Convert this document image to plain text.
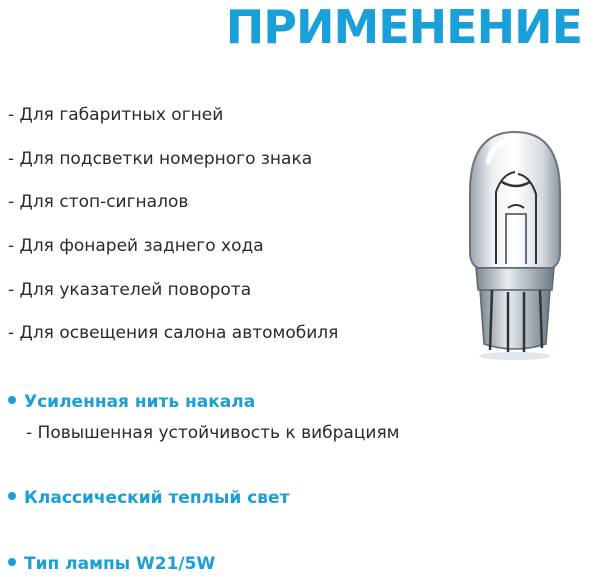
ПРИМЕНЕНИЕ
- Для габаритных огней
- Для подсветки номерного знака
- Для стоп-сигналов
- Для фонарей заднего хода
- Для указателей поворота
- Для освещения салона автомобиля
Усиленная нить накала
- Повышенная устойчивость к вибрациям
Классический теплый свет
Тип лампы W21/5W
